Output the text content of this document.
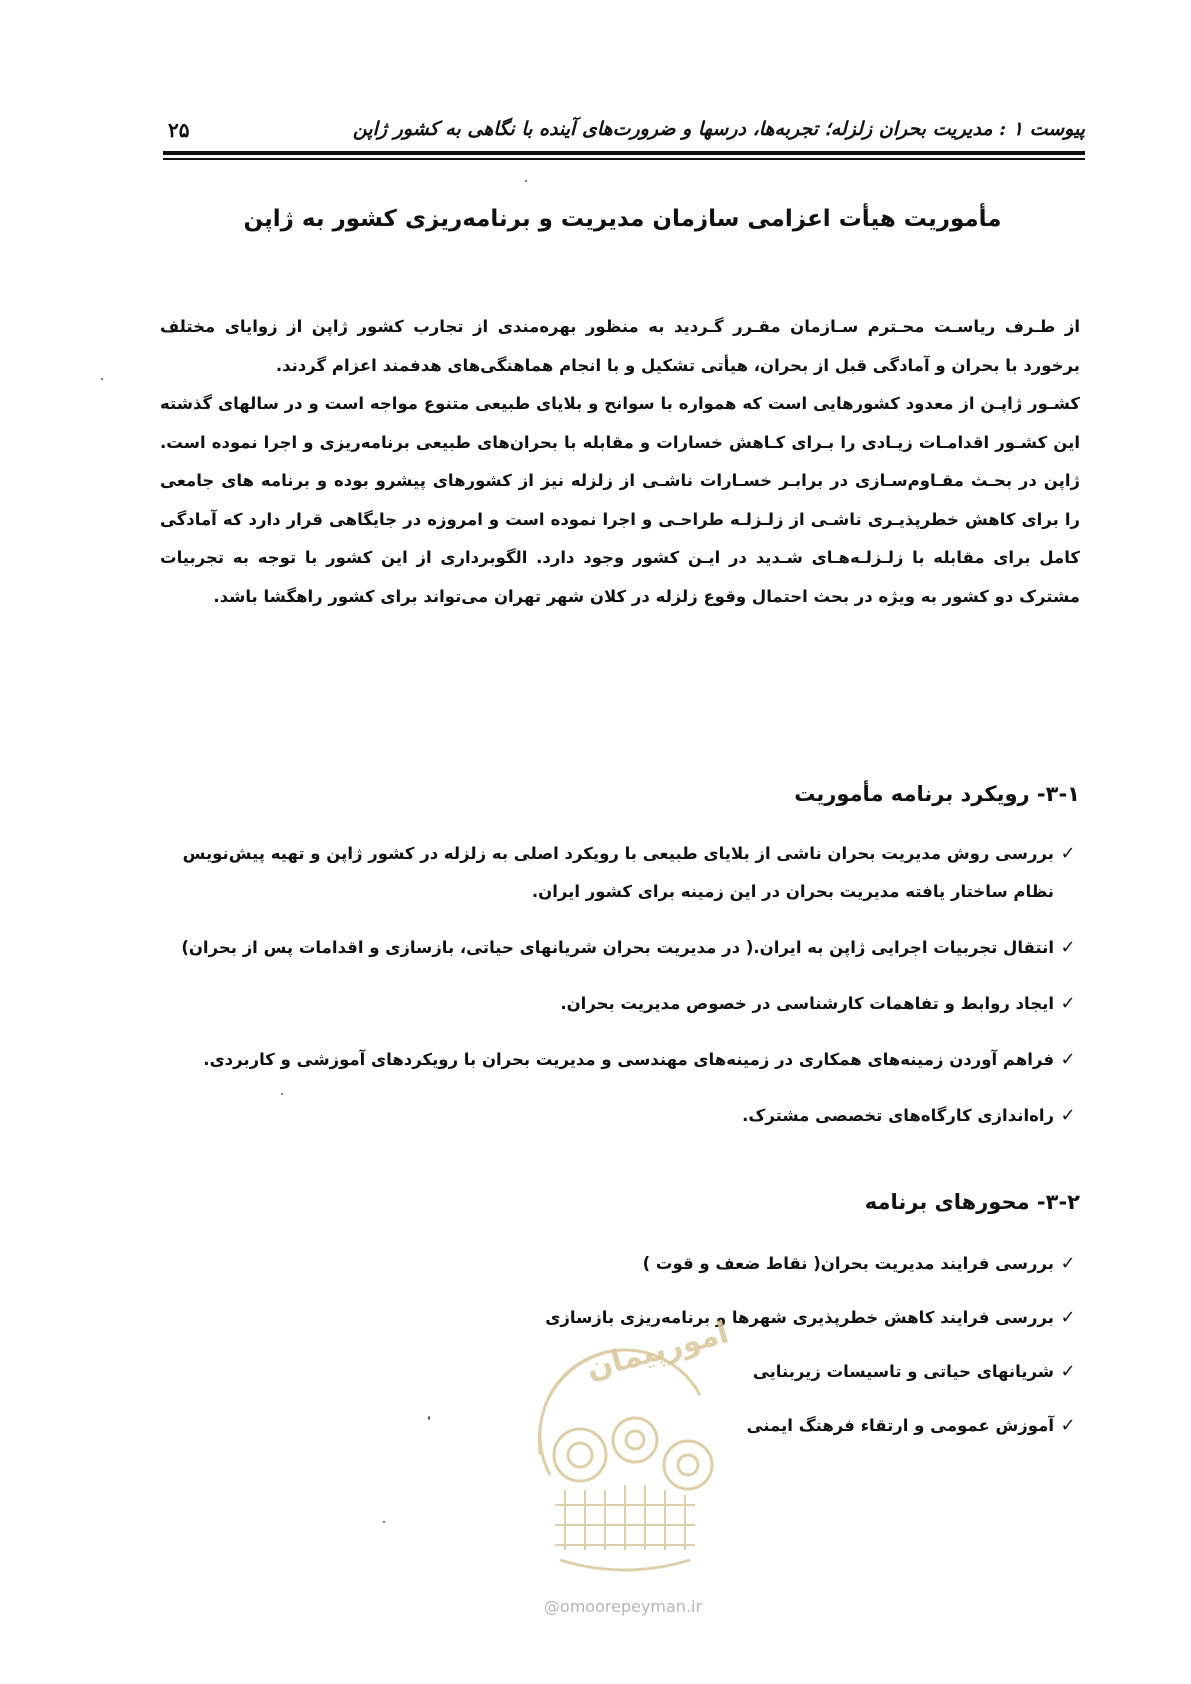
پیوست ۱ : مدیریت بحران زلزله؛ تجربه‌ها، درسها و ضرورت‌های آینده با نگاهی به کشور ژاپن
۲۵
مأموریت هیأت اعزامی سازمان مدیریت و برنامه‌ریزی کشور به ژاپن

از طـرف ریاسـت محـترم سـازمان مقـرر گـردید به منظور بهره‌مندی از تجارب کشور ژاپن از زوایای مختلف برخورد با بحران و آمادگی قبل از بحران، هیأتی تشکیل و با انجام هماهنگی‌های هدفمند اعزام گردند.

کشـور ژاپـن از معدود کشورهایی است که همواره با سوانح و بلایای طبیعی متنوع مواجه است و در سالهای گذشته این کشـور اقدامـات زیـادی را بـرای کـاهش خسارات و مقابله با بحران‌های طبیعی برنامه‌ریزی و اجرا نموده است. ژاپن در بحـث مقـاوم‌سـازی در برابـر خسـارات ناشـی از زلزله نیز از کشورهای پیشرو بوده و برنامه های جامعی را برای کاهش خطرپذیـری ناشـی از زلـزلـه طراحـی و اجرا نموده است و امروزه در جایگاهی قرار دارد که آمادگی کامل برای مقابله با زلـزلـه‌هـای شـدید در ایـن کشور وجود دارد. الگوبرداری از این کشور با توجه به تجربیات مشترک دو کشور به ویژه در بحث احتمال وقوع زلزله در کلان شهر تهران می‌تواند برای کشور راهگشا باشد.

۳-۱- رویکرد برنامه مأموریت
✓
بررسی روش مدیریت بحران ناشی از بلایای طبیعی با رویکرد اصلی به زلزله در کشور ژاپن و تهیه پیش‌نویس نظام ساختار یافته مدیریت بحران در این زمینه برای کشور ایران.
✓
انتقال تجربیات اجرایی ژاپن به ایران.( در مدیریت بحران شریانهای حیاتی، بازسازی و اقدامات پس از بحران)
✓
ایجاد روابط و تفاهمات کارشناسی در خصوص مدیریت بحران.
✓
فراهم آوردن زمینه‌های همکاری در زمینه‌های مهندسی و مدیریت بحران با رویکردهای آموزشی و کاربردی.
✓
راه‌اندازی کارگاه‌های تخصصی مشترک.
۳-۲- محورهای برنامه
✓
بررسی فرایند مدیریت بحران( نقاط ضعف و قوت )
✓
بررسی فرایند کاهش خطرپذیری شهرها و برنامه‌ریزی بازسازی
✓
شریانهای حیاتی و تاسیسات زیربنایی
✓
آموزش عمومی و ارتقاء فرهنگ ایمنی
امورپیمان
@omoorepeyman.ir
